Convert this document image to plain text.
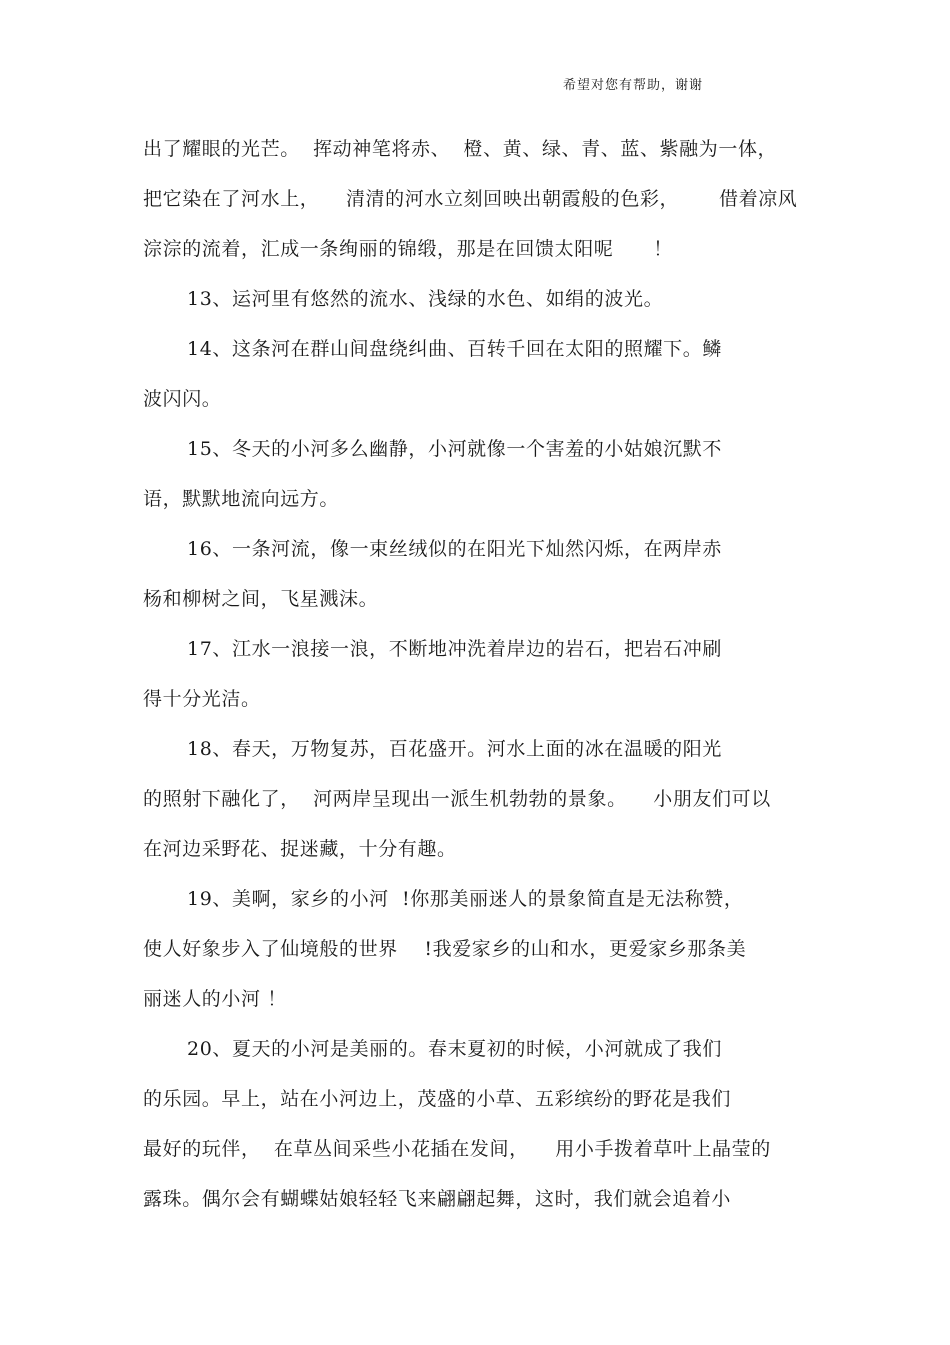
希望对您有帮助，谢谢
出了耀眼的光芒。  挥动神笔将赤、  橙、黄、绿、青、蓝、紫融为一体，
把它染在了河水上，    清清的河水立刻回映出朝霞般的色彩，      借着凉风
淙淙的流着，汇成一条绚丽的锦缎，那是在回馈太阳呢      ！
13、运河里有悠然的流水、浅绿的水色、如绢的波光。
14、这条河在群山间盘绕纠曲、百转千回在太阳的照耀下。鳞
波闪闪。
15、冬天的小河多么幽静，小河就像一个害羞的小姑娘沉默不
语，默默地流向远方。
16、一条河流，像一束丝绒似的在阳光下灿然闪烁，在两岸赤
杨和柳树之间，飞星溅沫。
17、江水一浪接一浪，不断地冲洗着岸边的岩石，把岩石冲刷
得十分光洁。
18、春天，万物复苏，百花盛开。河水上面的冰在温暖的阳光
的照射下融化了，  河两岸呈现出一派生机勃勃的景象。    小朋友们可以
在河边采野花、捉迷藏，十分有趣。
19、美啊，家乡的小河  !你那美丽迷人的景象简直是无法称赞，
使人好象步入了仙境般的世界    !我爱家乡的山和水，更爱家乡那条美
丽迷人的小河 ！
20、夏天的小河是美丽的。春末夏初的时候，小河就成了我们
的乐园。早上，站在小河边上，茂盛的小草、五彩缤纷的野花是我们
最好的玩伴，  在草丛间采些小花插在发间，    用小手拨着草叶上晶莹的
露珠。偶尔会有蝴蝶姑娘轻轻飞来翩翩起舞，这时，我们就会追着小
